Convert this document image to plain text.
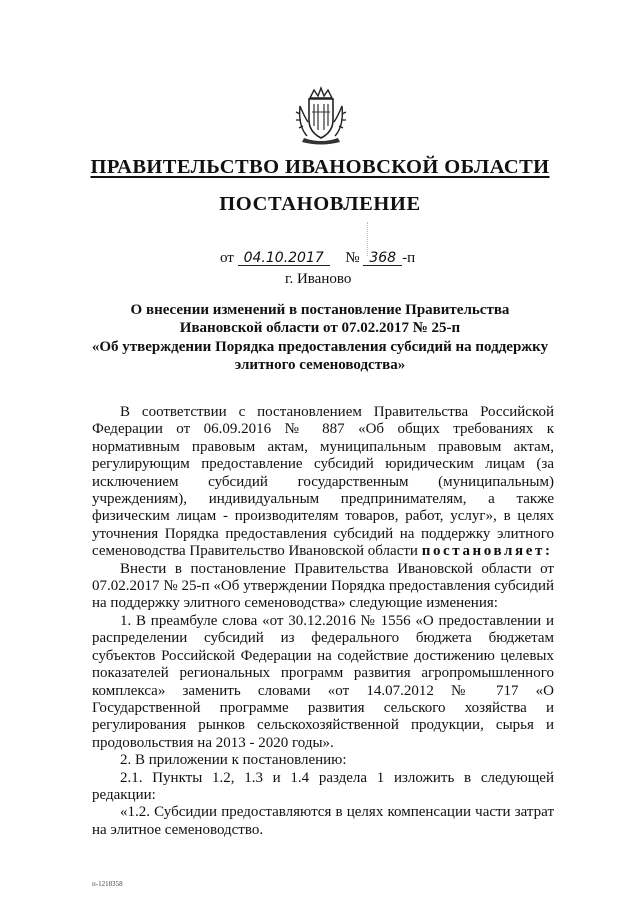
ПРАВИТЕЛЬСТВО ИВАНОВСКОЙ ОБЛАСТИ
ПОСТАНОВЛЕНИЕ
от 04.10.2017 № 368 -п
г. Иваново
О внесении изменений в постановление Правительства
Ивановской области от 07.02.2017 № 25-п
«Об утверждении Порядка предоставления субсидий на поддержку
элитного семеноводства»

В соответствии с постановлением Правительства Российской Федерации от 06.09.2016 № 887 «Об общих требованиях к нормативным правовым актам, муниципальным правовым актам, регулирующим предоставление субсидий юридическим лицам (за исключением субсидий государственным (муниципальным) учреждениям), индивидуальным предпринимателям, а также физическим лицам - производителям товаров, работ, услуг», в целях уточнения Порядка предоставления субсидий на поддержку элитного семеноводства Правительство Ивановской области постановляет:

Внести в постановление Правительства Ивановской области от 07.02.2017 № 25-п «Об утверждении Порядка предоставления субсидий на поддержку элитного семеноводства» следующие изменения:

1. В преамбуле слова «от 30.12.2016 № 1556 «О предоставлении и распределении субсидий из федерального бюджета бюджетам субъектов Российской Федерации на содействие достижению целевых показателей региональных программ развития агропромышленного комплекса» заменить словами «от 14.07.2012 № 717 «О Государственной программе развития сельского хозяйства и регулирования рынков сельскохозяйственной продукции, сырья и продовольствия на 2013 - 2020 годы».

2. В приложении к постановлению:

2.1. Пункты 1.2, 1.3 и 1.4 раздела 1 изложить в следующей редакции:

«1.2. Субсидии предоставляются в целях компенсации части затрат на элитное семеноводство.

п-1218358
